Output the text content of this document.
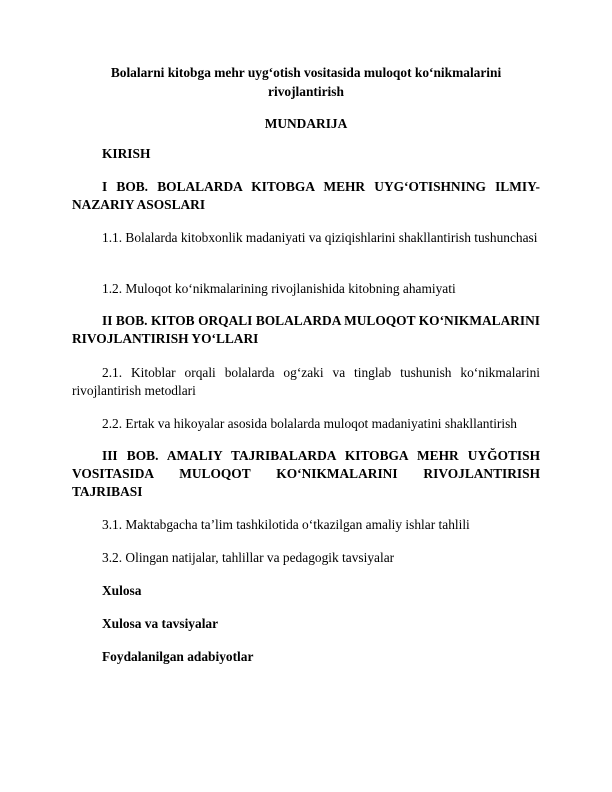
Bolalarni kitobga mehr uyg‘otish vositasida muloqot ko‘nikmalarini rivojlantirish
MUNDARIJA
KIRISH
I BOB. BOLALARDA KITOBGA MEHR UYG‘OTISHNING ILMIY-NAZARIY ASOSLARI
1.1. Bolalarda kitobxonlik madaniyati va qiziqishlarini shakllantirish tushunchasi
1.2. Muloqot ko‘nikmalarining rivojlanishida kitobning ahamiyati
II BOB. KITOB ORQALI BOLALARDA MULOQOT KO‘NIKMALARINI RIVOJLANTIRISH YO‘LLARI
2.1. Kitoblar orqali bolalarda og‘zaki va tinglab tushunish ko‘nikmalarini rivojlantirish metodlari
2.2. Ertak va hikoyalar asosida bolalarda muloqot madaniyatini shakllantirish
III BOB. AMALIY TAJRIBALARDA KITOBGA MEHR UYĞOTISH VOSITASIDA MULOQOT KO‘NIKMALARINI RIVOJLANTIRISH TAJRIBASI
3.1. Maktabgacha ta’lim tashkilotida o‘tkazilgan amaliy ishlar tahlili
3.2. Olingan natijalar, tahlillar va pedagogik tavsiyalar
Xulosa
Xulosa va tavsiyalar
Foydalanilgan adabiyotlar
